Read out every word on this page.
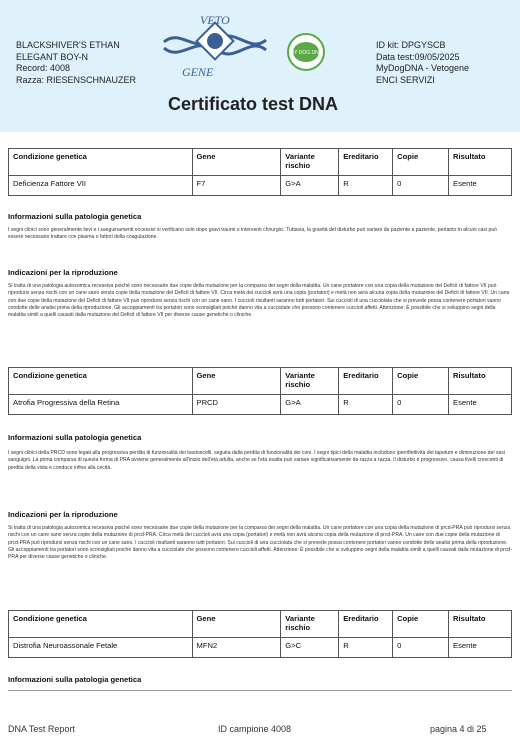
BLACKSHIVER'S ETHAN
ELEGANT BOY-N
Record: 4008
Razza: RIESENSCHNAUZER
VETO
GENE
MY DOG DNA
ID kit: DPGYSCB
Data test:09/05/2025
MyDogDNA - Vetogene
ENCI SERVIZI
Certificato test DNA
Condizione genetica	Gene	Variante rischio	Ereditario	Copie	Risultato
Deficienza Fattore VII	F7	G>A	R	0	Esente
Informazioni sulla patologia genetica

I segni clinici sono generalmente lievi e i sanguinamenti eccessivi si verificano solo dopo gravi traumi o interventi chirurgici. Tuttavia, la gravità del disturbo può variare da paziente a paziente, pertanto in alcuni casi può essere necessario trattare con plasma o fattori della coagulazione.

Indicazioni per la riproduzione

Si tratta di una patologia autosomica recessiva poiché sono necessarie due copie della mutazione per la comparsa dei segni della malattia. Un cane portatore con una copia della mutazione del Deficit di fattore VII può riprodursi senza rischi con un cane sano senza copie della mutazione del Deficit di fattore VII. Circa metà dei cuccioli avrà una copia (portatori) e metà non avrà alcuna copia della mutazione del Deficit di fattore VII. Un cane con due copie della mutazione del Deficit di fattore VII può riprodursi senza rischi con un cane sano. I cuccioli risultanti saranno tutti portatori. Sui cuccioli di una cucciolata che si prevede possa contenere portatori vanno condotte delle analisi prima della riproduzione. Gli accoppiamenti tra portatori sono sconsigliati poiché danno vita a cucciolate che possono contenere cuccioli affetti. Attenzione: È possibile che si sviluppino segni della malattia simili a quelli causati dalla mutazione del Deficit di fattore VII per diverse cause genetiche o cliniche.

Condizione genetica	Gene	Variante rischio	Ereditario	Copie	Risultato
Atrofia Progressiva della Retina	PRCD	G>A	R	0	Esente
Informazioni sulla patologia genetica

I segni clinici della PRCD sono legati alla progressiva perdita di funzionalità dei bastoncelli, seguita dalla perdita di funzionalità dei coni. I segni tipici della malattia includono iperriflettività del tapetum e diminuzione dei vasi sanguigni. La prima comparsa di questa forma di PRA avviene generalmente all'inizio dell'età adulta, anche se l'età esatta può variare significativamente da razza a razza. Il disturbo è progressivo, causa livelli crescenti di perdita della vista e conduce infine alla cecità.

Indicazioni per la riproduzione

Si tratta di una patologia autosomica recessiva poiché sono necessarie due copie della mutazione per la comparsa dei segni della malattia. Un cane portatore con una copia della mutazione di prcd-PRA può riprodursi senza rischi con un cane sano senza copie della mutazione di prcd-PRA. Circa metà dei cuccioli avrà una copia (portatori) e metà non avrà alcuna copia della mutazione di prcd-PRA. Un cane con due copie della mutazione di prcd-PRA può riprodursi senza rischi con un cane sano. I cuccioli risultanti saranno tutti portatori. Sui cuccioli di una cucciolata che si prevede possa contenere portatori vanno condotte delle analisi prima della riproduzione. Gli accoppiamenti tra portatori sono sconsigliati poiché danno vita a cucciolate che possono contenere cuccioli affetti. Attenzione: È possibile che si sviluppino segni della malattia simili a quelli causati dalla mutazione di prcd-PRA per diverse cause genetiche o cliniche.

Condizione genetica	Gene	Variante rischio	Ereditario	Copie	Risultato
Distrofia Neuroassonale Fetale	MFN2	G>C	R	0	Esente
Informazioni sulla patologia genetica
DNA Test Report	ID campione 4008	pagina 4 di 25
